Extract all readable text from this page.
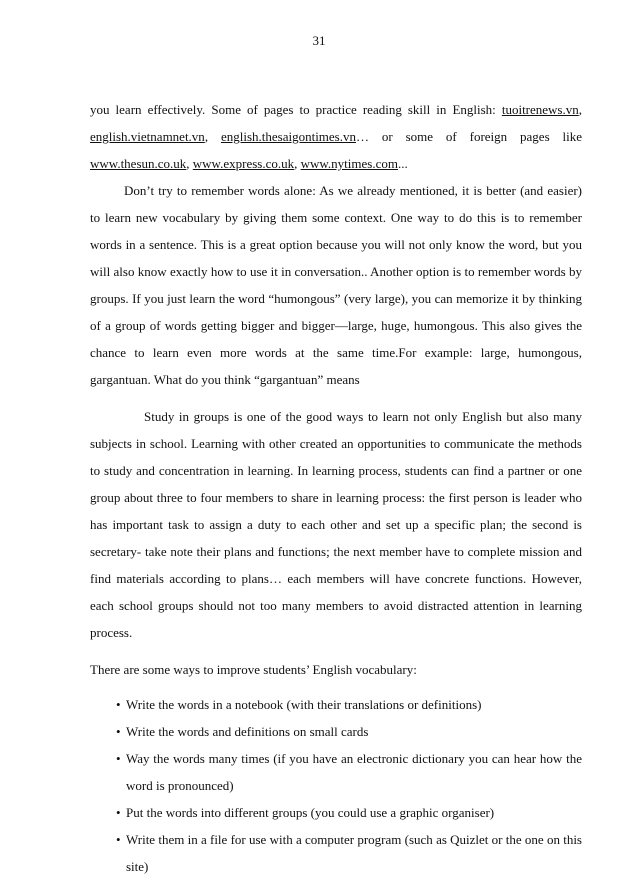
31

you learn effectively. Some of pages to practice reading skill in English: tuoitrenews.vn, english.vietnamnet.vn, english.thesaigontimes.vn… or some of foreign pages like www.thesun.co.uk, www.express.co.uk, www.nytimes.com...

Don’t try to remember words alone: As we already mentioned, it is better (and easier) to learn new vocabulary by giving them some context. One way to do this is to remember words in a sentence. This is a great option because you will not only know the word, but you will also know exactly how to use it in conversation.. Another option is to remember words by groups. If you just learn the word “humongous” (very large), you can memorize it by thinking of a group of words getting bigger and bigger—large, huge, humongous. This also gives the chance to learn even more words at the same time.For example: large, humongous, gargantuan. What do you think “gargantuan” means

Study in groups is one of the good ways to learn not only English but also many subjects in school. Learning with other created an opportunities to communicate the methods to study and concentration in learning. In learning process, students can find a partner or one group about three to four members to share in learning process: the first person is leader who has important task to assign a duty to each other and set up a specific plan; the second is secretary- take note their plans and functions; the next member have to complete mission and find materials according to plans… each members will have concrete functions. However, each school groups should not too many members to avoid distracted attention in learning process.

There are some ways to improve students’ English vocabulary:

• Write the words in a notebook (with their translations or definitions)
• Write the words and definitions on small cards
• Way the words many times (if you have an electronic dictionary you can hear how the word is pronounced)
• Put the words into different groups (you could use a graphic organiser)
• Write them in a file for use with a computer program (such as Quizlet or the one on this site)
